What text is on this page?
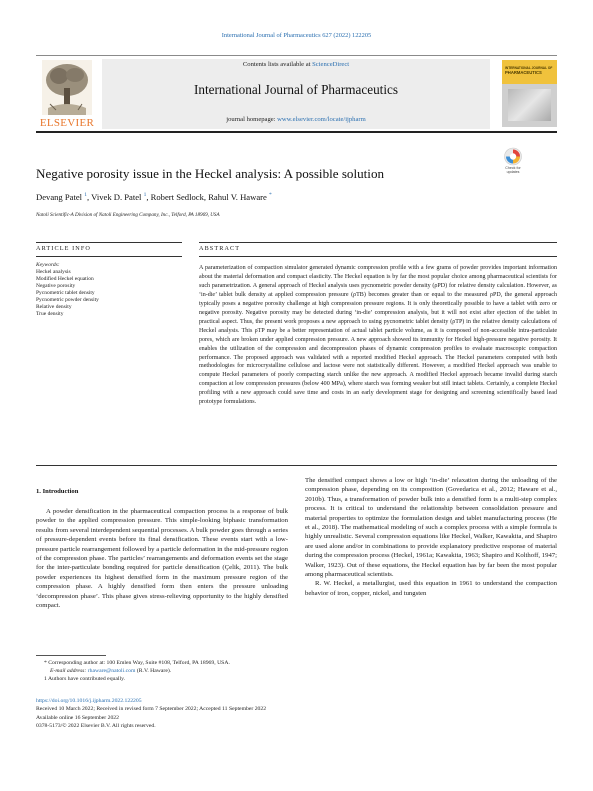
International Journal of Pharmaceutics 627 (2022) 122205
ELSEVIER
Contents lists available at ScienceDirect
International Journal of Pharmaceutics
journal homepage: www.elsevier.com/locate/ijpharm
INTERNATIONAL JOURNAL OF
PHARMACEUTICS
Negative porosity issue in the Heckel analysis: A possible solution	Check for
updates
Devang Patel $^1$, Vivek D. Patel $^1$, Robert Sedlock, Rahul V. Haware *
Natoli Scientific-A Division of Natoli Engineering Company, Inc., Telford, PA 18969, USA
ARTICLE INFO	ABSTRACT
Keywords:
Heckel analysis
Modified Heckel equation
Negative porosity
Pycnometric tablet density
Pycnometric powder density
Relative density
True density
A parameterization of compaction simulator generated dynamic compression profile with a few grams of powder provides important information about the material deformation and compact elasticity. The Heckel equation is by far the most popular choice among pharmaceutical scientists for such parametrization. A general approach of Heckel analysis uses pycnometric powder density (ρPD) for relative density calculation. However, as ‘in-die’ tablet bulk density at applied compression pressure (ρTB) becomes greater than or equal to the measured ρPD, the general approach typically poses a negative porosity challenge at high compression pressure regions. It is only theoretically possible to have a tablet with zero or negative porosity. Negative porosity may be detected during ‘in-die’ compression analysis, but it will not exist after ejection of the tablet in practical aspect. Thus, the present work proposes a new approach to using pycnometric tablet density (ρTP) in the relative density calculations of Heckel analysis. This ρTP may be a better representation of actual tablet particle volume, as it is composed of non-accessible intra-particulate pores, which are broken under applied compression pressure. A new approach showed its immunity for Heckel high-pressure negative porosity. It enables the utilization of the compression and decompression phases of dynamic compression profiles to evaluate macroscopic compaction performance. The proposed approach was validated with a reported modified Heckel approach. The Heckel parameters computed with both methodologies for microcrystalline cellulose and lactose were not statistically different. However, a modified Heckel approach was unable to compute Heckel parameters of poorly compacting starch unlike the new approach. A modified Heckel approach became invalid during starch compaction at low compression pressures (below 400 MPa), where starch was forming weaker but still intact tablets. Certainly, a complete Heckel profiling with a new approach could save time and costs in an early development stage for designing and screening scientifically based lead prototype formulations.
1. Introduction

A powder densification in the pharmaceutical compaction process is a response of bulk powder to the applied compression pressure. This simple-looking biphasic transformation results from several interdependent sequential processes. A bulk powder goes through a series of pressure-dependent events before its final densification. These events start with a low-pressure particle rearrangement followed by a particle deformation in the mid-pressure region of the compression phase. The particles’ rearrangements and deformation events set the stage for the inter-particulate bonding required for particle densification (Çelik, 2011). The bulk powder experiences its highest densified form in the maximum pressure region of the compression phase. A highly densified form then enters the pressure unloading ‘decompression phase’. This phase gives stress-relieving opportunity to the highly densified compact.

The densified compact shows a low or high ‘in-die’ relaxation during the unloading of the compression phase, depending on its composition (Govedarica et al., 2012; Haware et al., 2010b). Thus, a transformation of powder bulk into a densified form is a multi-step complex process. It is critical to understand the relationship between consolidation pressure and material properties to optimize the formulation design and tablet manufacturing process (He et al., 2018). The mathematical modeling of such a complex process with a simple formula is highly unrealistic. Several compression equations like Heckel, Walker, Kawakita, and Shapiro are used alone and/or in combinations to provide explanatory predictive response of material during the compression process (Heckel, 1961a; Kawakita, 1963; Shapiro and Kolthoff, 1947; Walker, 1923). Out of these equations, the Heckel equation has by far been the most popular among pharmaceutical scientists.

R. W. Heckel, a metallurgist, used this equation in 1961 to understand the compaction behavior of iron, copper, nickel, and tungsten

* Corresponding author at: 100 Emlen Way, Suite #108, Telford, PA 18969, USA.
E-mail address: rhaware@natoli.com (R.V. Haware).
1 Authors have contributed equally.
https://doi.org/10.1016/j.ijpharm.2022.122205
Received 10 March 2022; Received in revised form 7 September 2022; Accepted 11 September 2022
Available online 16 September 2022
0378-5173/© 2022 Elsevier B.V. All rights reserved.
